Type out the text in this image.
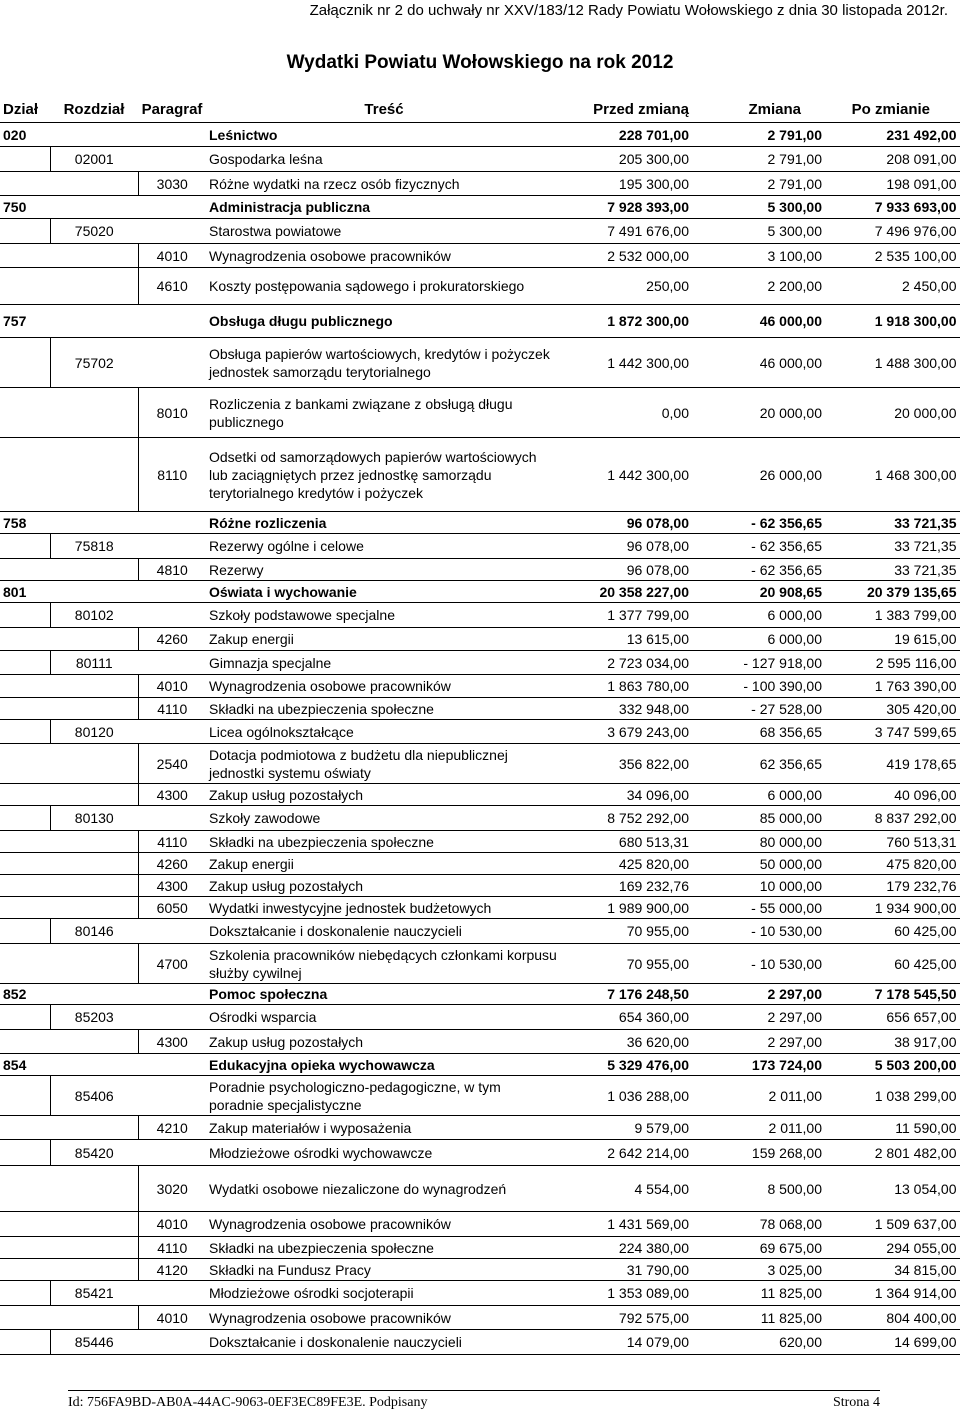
Załącznik nr 2 do uchwały nr XXV/183/12 Rady Powiatu Wołowskiego z dnia 30 listopada 2012r.
Wydatki Powiatu Wołowskiego na rok 2012
Dział	Rozdział	Paragraf	Treść	Przed zmianą	Zmiana	Po zmianie
020			Leśnictwo	228 701,00	2 791,00	231 492,00
	02001		Gospodarka leśna	205 300,00	2 791,00	208 091,00
		3030	Różne wydatki na rzecz osób fizycznych	195 300,00	2 791,00	198 091,00
750			Administracja publiczna	7 928 393,00	5 300,00	7 933 693,00
	75020		Starostwa powiatowe	7 491 676,00	5 300,00	7 496 976,00
		4010	Wynagrodzenia osobowe pracowników	2 532 000,00	3 100,00	2 535 100,00
		4610	Koszty postępowania sądowego i prokuratorskiego	250,00	2 200,00	2 450,00
757			Obsługa długu publicznego	1 872 300,00	46 000,00	1 918 300,00
	75702		Obsługa papierów wartościowych, kredytów i pożyczek jednostek samorządu terytorialnego	1 442 300,00	46 000,00	1 488 300,00
		8010	Rozliczenia z bankami związane z obsługą długu publicznego	0,00	20 000,00	20 000,00
		8110	Odsetki od samorządowych papierów wartościowych lub zaciągniętych przez jednostkę samorządu terytorialnego kredytów i pożyczek	1 442 300,00	26 000,00	1 468 300,00
758			Różne rozliczenia	96 078,00	- 62 356,65	33 721,35
	75818		Rezerwy ogólne i celowe	96 078,00	- 62 356,65	33 721,35
		4810	Rezerwy	96 078,00	- 62 356,65	33 721,35
801			Oświata i wychowanie	20 358 227,00	20 908,65	20 379 135,65
	80102		Szkoły podstawowe specjalne	1 377 799,00	6 000,00	1 383 799,00
		4260	Zakup energii	13 615,00	6 000,00	19 615,00
	80111		Gimnazja specjalne	2 723 034,00	- 127 918,00	2 595 116,00
		4010	Wynagrodzenia osobowe pracowników	1 863 780,00	- 100 390,00	1 763 390,00
		4110	Składki na ubezpieczenia społeczne	332 948,00	- 27 528,00	305 420,00
	80120		Licea ogólnokształcące	3 679 243,00	68 356,65	3 747 599,65
		2540	Dotacja podmiotowa z budżetu dla niepublicznej jednostki systemu oświaty	356 822,00	62 356,65	419 178,65
		4300	Zakup usług pozostałych	34 096,00	6 000,00	40 096,00
	80130		Szkoły zawodowe	8 752 292,00	85 000,00	8 837 292,00
		4110	Składki na ubezpieczenia społeczne	680 513,31	80 000,00	760 513,31
		4260	Zakup energii	425 820,00	50 000,00	475 820,00
		4300	Zakup usług pozostałych	169 232,76	10 000,00	179 232,76
		6050	Wydatki inwestycyjne jednostek budżetowych	1 989 900,00	- 55 000,00	1 934 900,00
	80146		Dokształcanie i doskonalenie nauczycieli	70 955,00	- 10 530,00	60 425,00
		4700	Szkolenia pracowników niebędących członkami korpusu służby cywilnej	70 955,00	- 10 530,00	60 425,00
852			Pomoc społeczna	7 176 248,50	2 297,00	7 178 545,50
	85203		Ośrodki wsparcia	654 360,00	2 297,00	656 657,00
		4300	Zakup usług pozostałych	36 620,00	2 297,00	38 917,00
854			Edukacyjna opieka wychowawcza	5 329 476,00	173 724,00	5 503 200,00
	85406		Poradnie psychologiczno-pedagogiczne, w tym poradnie specjalistyczne	1 036 288,00	2 011,00	1 038 299,00
		4210	Zakup materiałów i wyposażenia	9 579,00	2 011,00	11 590,00
	85420		Młodzieżowe ośrodki wychowawcze	2 642 214,00	159 268,00	2 801 482,00
		3020	Wydatki osobowe niezaliczone do wynagrodzeń	4 554,00	8 500,00	13 054,00
		4010	Wynagrodzenia osobowe pracowników	1 431 569,00	78 068,00	1 509 637,00
		4110	Składki na ubezpieczenia społeczne	224 380,00	69 675,00	294 055,00
		4120	Składki na Fundusz Pracy	31 790,00	3 025,00	34 815,00
	85421		Młodzieżowe ośrodki socjoterapii	1 353 089,00	11 825,00	1 364 914,00
		4010	Wynagrodzenia osobowe pracowników	792 575,00	11 825,00	804 400,00
	85446		Dokształcanie i doskonalenie nauczycieli	14 079,00	620,00	14 699,00
Id: 756FA9BD-AB0A-44AC-9063-0EF3EC89FE3E. Podpisany	Strona 4
